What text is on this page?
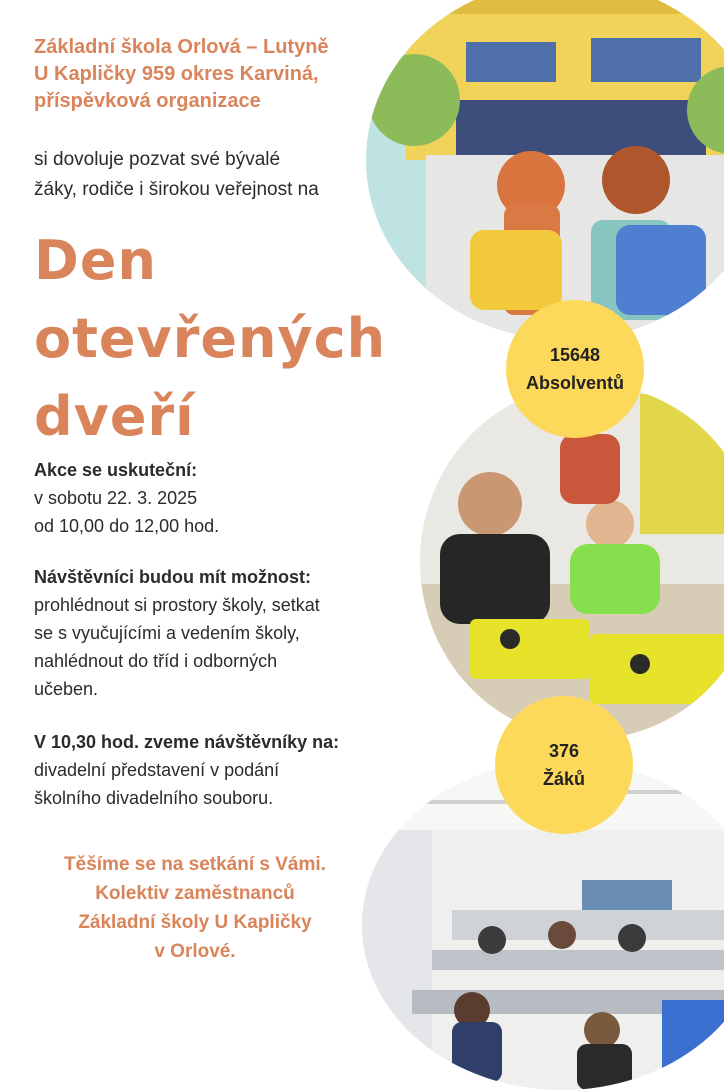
Základní škola Orlová – Lutyně
U Kapličky 959 okres Karviná,
příspěvková organizace
si dovoluje pozvat své bývalé
žáky, rodiče i širokou veřejnost na
Den
otevřených
dveří
Akce se uskuteční:
v sobotu 22. 3. 2025
od 10,00 do 12,00 hod.
Návštěvníci budou mít možnost:
prohlédnout si prostory školy, setkat
se s vyučujícími a vedením školy,
nahlédnout do tříd i odborných
učeben.
V 10,30 hod. zveme návštěvníky na:
divadelní představení v podání
školního divadelního souboru.
Těšíme se na setkání s Vámi.
Kolektiv zaměstnanců
Základní školy U Kapličky
v Orlové.
15648
Absolventů
376
Žáků
